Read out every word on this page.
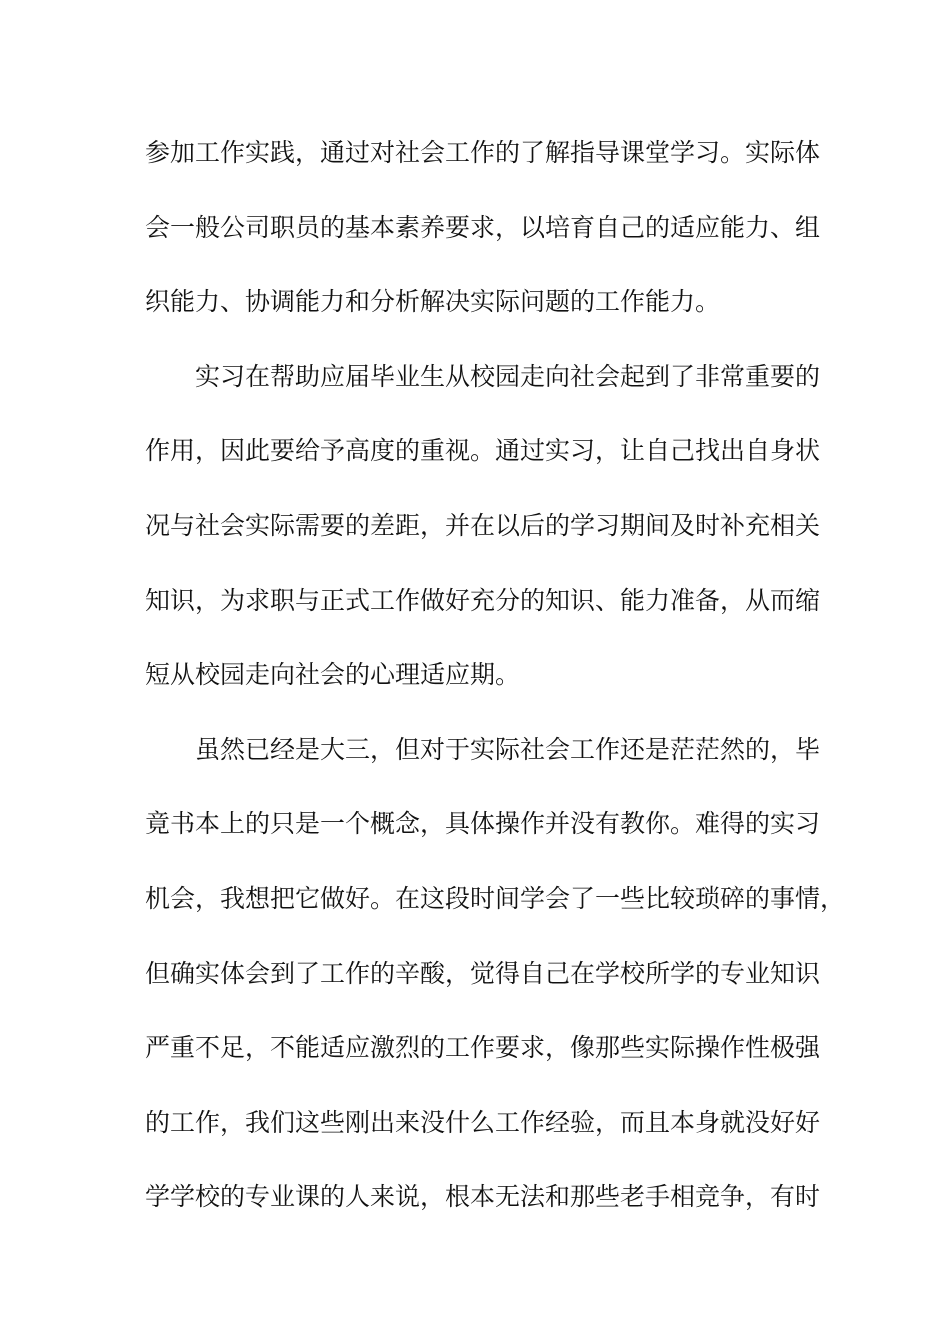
参加工作实践，通过对社会工作的了解指导课堂学习。实际体
会一般公司职员的基本素养要求，以培育自己的适应能力、组
织能力、协调能力和分析解决实际问题的工作能力。
实习在帮助应届毕业生从校园走向社会起到了非常重要的
作用，因此要给予高度的重视。通过实习，让自己找出自身状
况与社会实际需要的差距，并在以后的学习期间及时补充相关
知识，为求职与正式工作做好充分的知识、能力准备，从而缩
短从校园走向社会的心理适应期。
虽然已经是大三，但对于实际社会工作还是茫茫然的，毕
竟书本上的只是一个概念，具体操作并没有教你。难得的实习
机会，我想把它做好。在这段时间学会了一些比较琐碎的事情，
但确实体会到了工作的辛酸，觉得自己在学校所学的专业知识
严重不足，不能适应激烈的工作要求，像那些实际操作性极强
的工作，我们这些刚出来没什么工作经验，而且本身就没好好
学学校的专业课的人来说，根本无法和那些老手相竞争，有时
